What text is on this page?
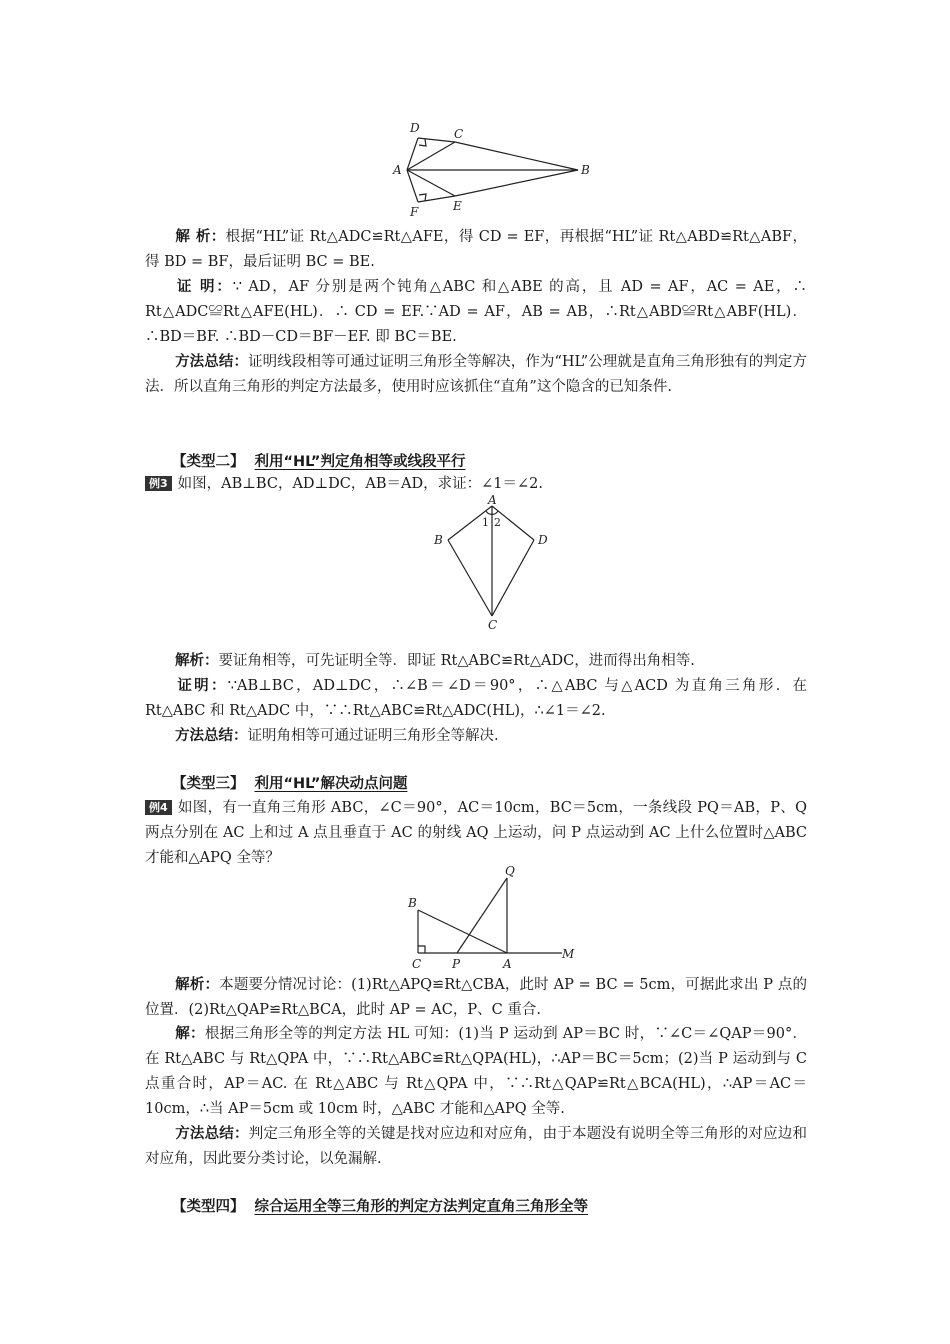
D	C
A	B
F	E

解 析：根据“HL”证 Rt△ADC≌Rt△AFE，得 CD = EF，再根据“HL”证 Rt△ABD≌Rt△ABF，得 BD = BF，最后证明 BC = BE.

证 明：∵ AD，AF 分别是两个钝角△ABC 和△ABE 的高，且 AD = AF，AC = AE，∴ Rt△ADC≌Rt△AFE(HL)．∴ CD = EF.∵AD = AF，AB = AB，∴Rt△ABD≌Rt△ABF(HL)．∴BD＝BF. ∴BD－CD＝BF－EF. 即 BC＝BE.

方法总结：证明线段相等可通过证明三角形全等解决，作为“HL”公理就是直角三角形独有的判定方法．所以直角三角形的判定方法最多，使用时应该抓住“直角”这个隐含的已知条件.

【类型二】 利用“HL”判定角相等或线段平行

例3 如图，AB⊥BC，AD⊥DC，AB＝AD，求证：∠1＝∠2.

A
B	D
C
1 2

解析：要证角相等，可先证明全等．即证 Rt△ABC≌Rt△ADC，进而得出角相等.

证明：∵AB⊥BC，AD⊥DC，∴∠B＝∠D＝90°，∴△ABC 与△ACD 为直角三角形．在 Rt△ABC 和 Rt△ADC 中，∵∴Rt△ABC≌Rt△ADC(HL)，∴∠1＝∠2.

方法总结：证明角相等可通过证明三角形全等解决.

【类型三】 利用“HL”解决动点问题

例4 如图，有一直角三角形 ABC，∠C＝90°，AC＝10cm，BC＝5cm，一条线段 PQ＝AB，P、Q 两点分别在 AC 上和过 A 点且垂直于 AC 的射线 AQ 上运动，问 P 点运动到 AC 上什么位置时△ABC 才能和△APQ 全等？

Q
B
C	P	A
M

解析：本题要分情况讨论：(1)Rt△APQ≌Rt△CBA，此时 AP = BC = 5cm，可据此求出 P 点的位置．(2)Rt△QAP≌Rt△BCA，此时 AP = AC，P、C 重合.

解：根据三角形全等的判定方法 HL 可知：(1)当 P 运动到 AP＝BC 时，∵∠C＝∠QAP＝90°．在 Rt△ABC 与 Rt△QPA 中，∵∴Rt△ABC≌Rt△QPA(HL)，∴AP＝BC＝5cm；(2)当 P 运动到与 C 点重合时，AP＝AC. 在 Rt△ABC 与 Rt△QPA 中，∵∴Rt△QAP≌Rt△BCA(HL)，∴AP＝AC＝10cm，∴当 AP＝5cm 或 10cm 时，△ABC 才能和△APQ 全等.

方法总结：判定三角形全等的关键是找对应边和对应角，由于本题没有说明全等三角形的对应边和对应角，因此要分类讨论，以免漏解.

【类型四】 综合运用全等三角形的判定方法判定直角三角形全等
